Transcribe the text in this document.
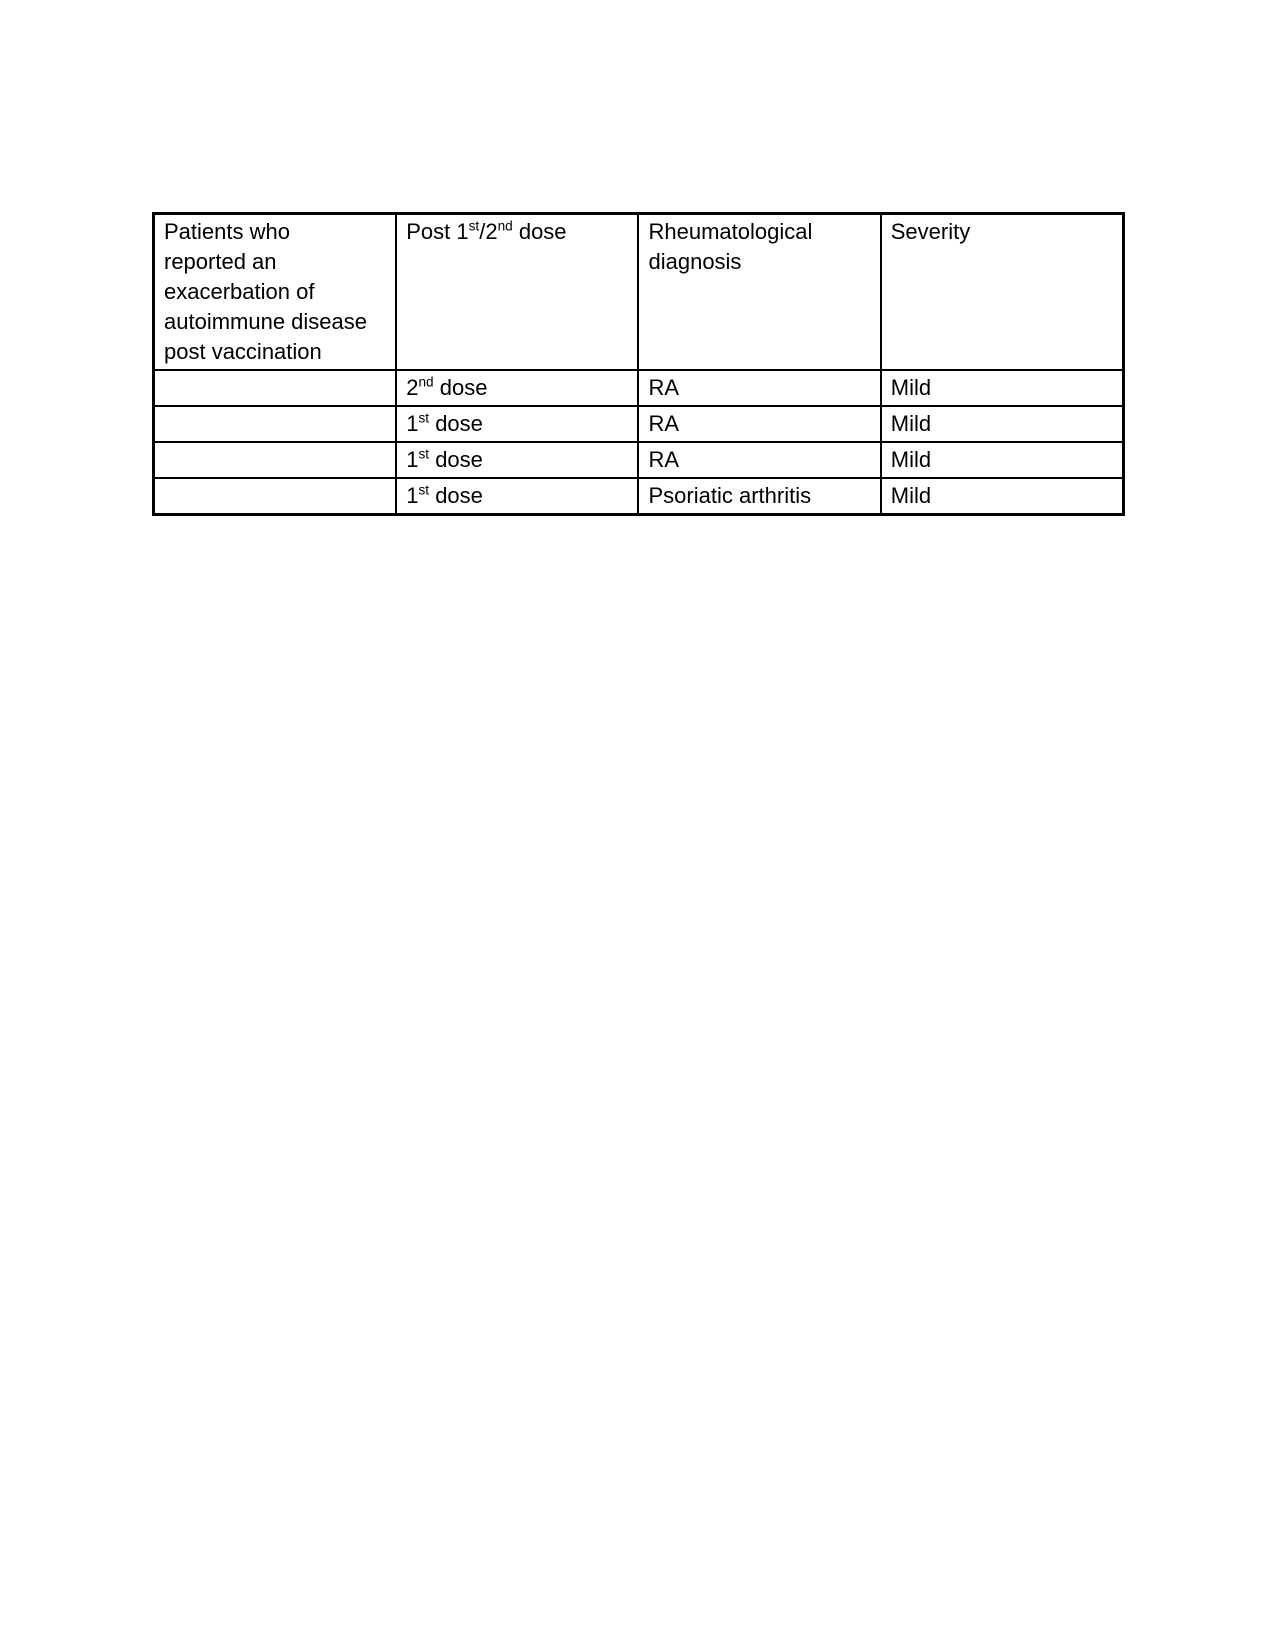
Patients who
reported an
exacerbation of
autoimmune disease
post vaccination	Post 1st/2nd dose	Rheumatological diagnosis	Severity
	2nd dose	RA	Mild
	1st dose	RA	Mild
	1st dose	RA	Mild
	1st dose	Psoriatic arthritis	Mild
